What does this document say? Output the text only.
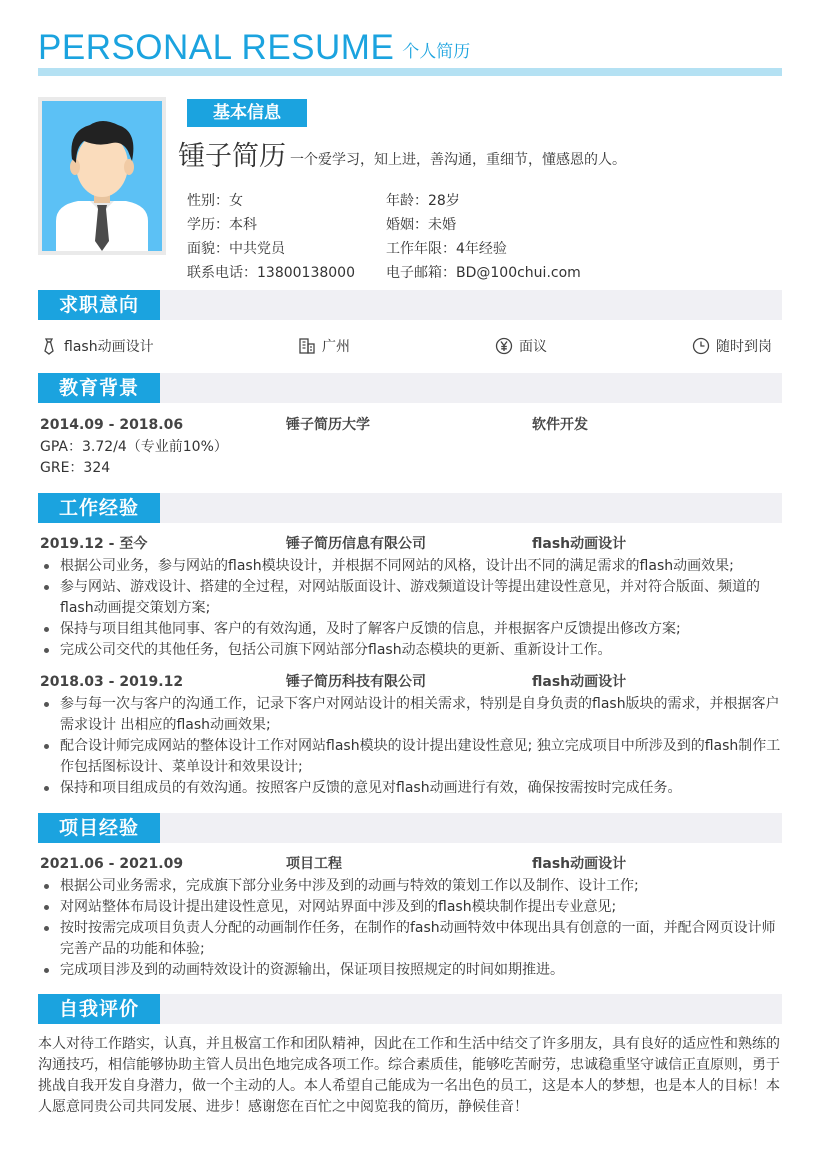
PERSONAL RESUME 个人简历
基本信息
锺子简历 一个爱学习，知上进，善沟通，重细节，懂感恩的人。
性别：女	年龄：28岁
学历：本科	婚姻：未婚
面貌：中共党员	工作年限：4年经验
联系电话：13800138000 电子邮箱：BD@100chui.com
求职意向
flash动画设计	广州	面议	随时到岗
教育背景
2014.09 - 2018.06	锤子简历大学	软件开发
GPA：3.72/4（专业前10%）
GRE：324
工作经验
2019.12 - 至今	锤子简历信息有限公司	flash动画设计
根据公司业务，参与网站的flash模块设计，并根据不同网站的风格，设计出不同的满足需求的flash动画效果;
参与网站、游戏设计、搭建的全过程，对网站版面设计、游戏频道设计等提出建设性意见，并对符合版面、频道的flash动画提交策划方案;
保持与项目组其他同事、客户的有效沟通，及时了解客户反馈的信息，并根据客户反馈提出修改方案;
完成公司交代的其他任务，包括公司旗下网站部分flash动态模块的更新、重新设计工作。
2018.03 - 2019.12	锤子简历科技有限公司	flash动画设计
参与每一次与客户的沟通工作，记录下客户对网站设计的相关需求，特别是自身负责的flash版块的需求，并根据客户需求设计 出相应的flash动画效果;
配合设计师完成网站的整体设计工作对网站flash模块的设计提出建设性意见; 独立完成项目中所涉及到的flash制作工作包括图标设计、菜单设计和效果设计;
保持和项目组成员的有效沟通。按照客户反馈的意见对flash动画进行有效，确保按需按时完成任务。
项目经验
2021.06 - 2021.09	项目工程	flash动画设计
根据公司业务需求，完成旗下部分业务中涉及到的动画与特效的策划工作以及制作、设计工作;
对网站整体布局设计提出建设性意见，对网站界面中涉及到的flash模块制作提出专业意见;
按时按需完成项目负责人分配的动画制作任务，在制作的fash动画特效中体现出具有创意的一面，并配合网页设计师完善产品的功能和体验;
完成项目涉及到的动画特效设计的资源输出，保证项目按照规定的时间如期推进。
自我评价
本人对待工作踏实，认真，并且极富工作和团队精神，因此在工作和生活中结交了许多朋友，具有良好的适应性和熟练的沟通技巧，相信能够协助主管人员出色地完成各项工作。综合素质佳，能够吃苦耐劳，忠诚稳重坚守诚信正直原则，勇于挑战自我开发自身潜力，做一个主动的人。本人希望自己能成为一名出色的员工，这是本人的梦想，也是本人的目标！本人愿意同贵公司共同发展、进步！感谢您在百忙之中阅览我的简历，静候佳音！
